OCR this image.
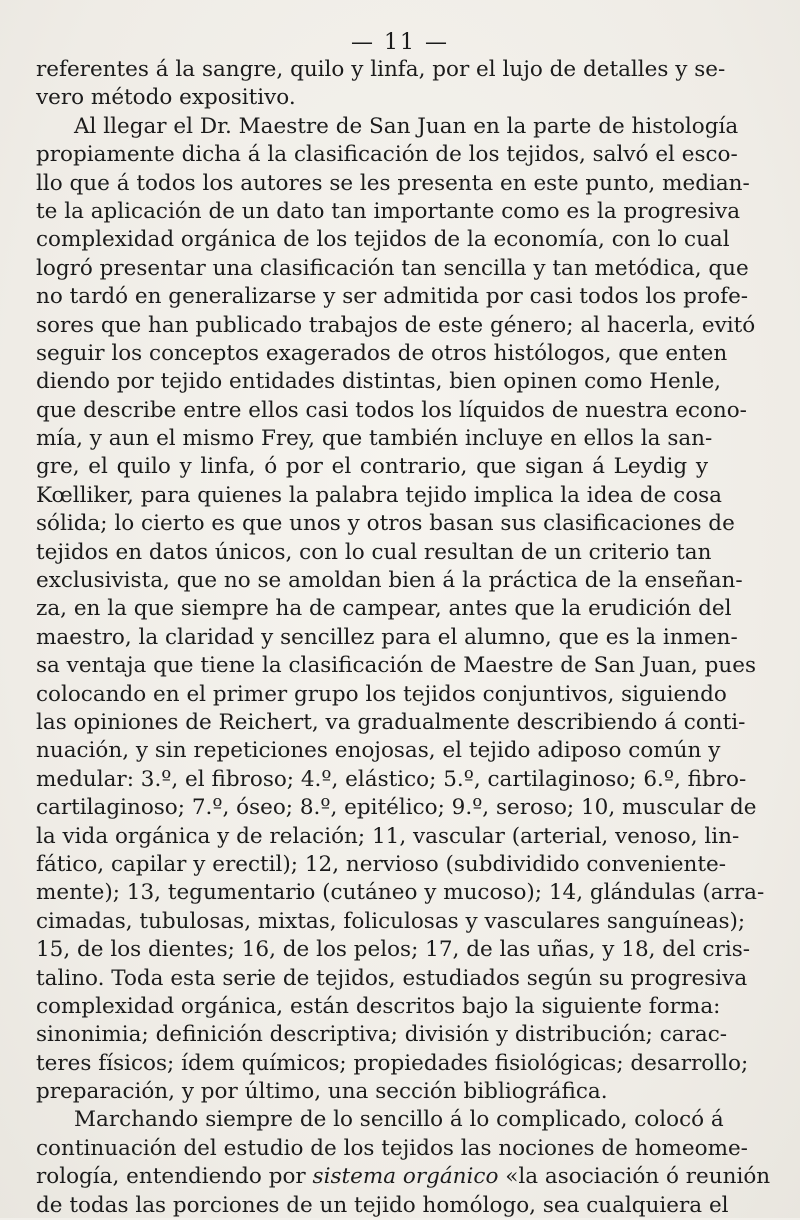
— 11 —
referentes á la sangre, quilo y linfa, por el lujo de detalles y se-
vero método expositivo.
Al llegar el Dr. Maestre de San Juan en la parte de histología
propiamente dicha á la clasificación de los tejidos, salvó el esco-
llo que á todos los autores se les presenta en este punto, median-
te la aplicación de un dato tan importante como es la progresiva
complexidad orgánica de los tejidos de la economía, con lo cual
logró presentar una clasificación tan sencilla y tan metódica, que
no tardó en generalizarse y ser admitida por casi todos los profe-
sores que han publicado trabajos de este género; al hacerla, evitó
seguir los conceptos exagerados de otros histólogos, que enten
diendo por tejido entidades distintas, bien opinen como Henle,
que describe entre ellos casi todos los líquidos de nuestra econo-
mía, y aun el mismo Frey, que también incluye en ellos la san-
gre, el quilo y linfa, ó por el contrario, que sigan á Leydig y
Kœlliker, para quienes la palabra tejido implica la idea de cosa
sólida; lo cierto es que unos y otros basan sus clasificaciones de
tejidos en datos únicos, con lo cual resultan de un criterio tan
exclusivista, que no se amoldan bien á la práctica de la enseñan-
za, en la que siempre ha de campear, antes que la erudición del
maestro, la claridad y sencillez para el alumno, que es la inmen-
sa ventaja que tiene la clasificación de Maestre de San Juan, pues
colocando en el primer grupo los tejidos conjuntivos, siguiendo
las opiniones de Reichert, va gradualmente describiendo á conti-
nuación, y sin repeticiones enojosas, el tejido adiposo común y
medular: 3.º, el fibroso; 4.º, elástico; 5.º, cartilaginoso; 6.º, fibro-
cartilaginoso; 7.º, óseo; 8.º, epitélico; 9.º, seroso; 10, muscular de
la vida orgánica y de relación; 11, vascular (arterial, venoso, lin-
fático, capilar y erectil); 12, nervioso (subdividido conveniente-
mente); 13, tegumentario (cutáneo y mucoso); 14, glándulas (arra-
cimadas, tubulosas, mixtas, foliculosas y vasculares sanguíneas);
15, de los dientes; 16, de los pelos; 17, de las uñas, y 18, del cris-
talino. Toda esta serie de tejidos, estudiados según su progresiva
complexidad orgánica, están descritos bajo la siguiente forma:
sinonimia; definición descriptiva; división y distribución; carac-
teres físicos; ídem químicos; propiedades fisiológicas; desarrollo;
preparación, y por último, una sección bibliográfica.
Marchando siempre de lo sencillo á lo complicado, colocó á
continuación del estudio de los tejidos las nociones de homeome-
rología, entendiendo por sistema orgánico «la asociación ó reunión
de todas las porciones de un tejido homólogo, sea cualquiera el
